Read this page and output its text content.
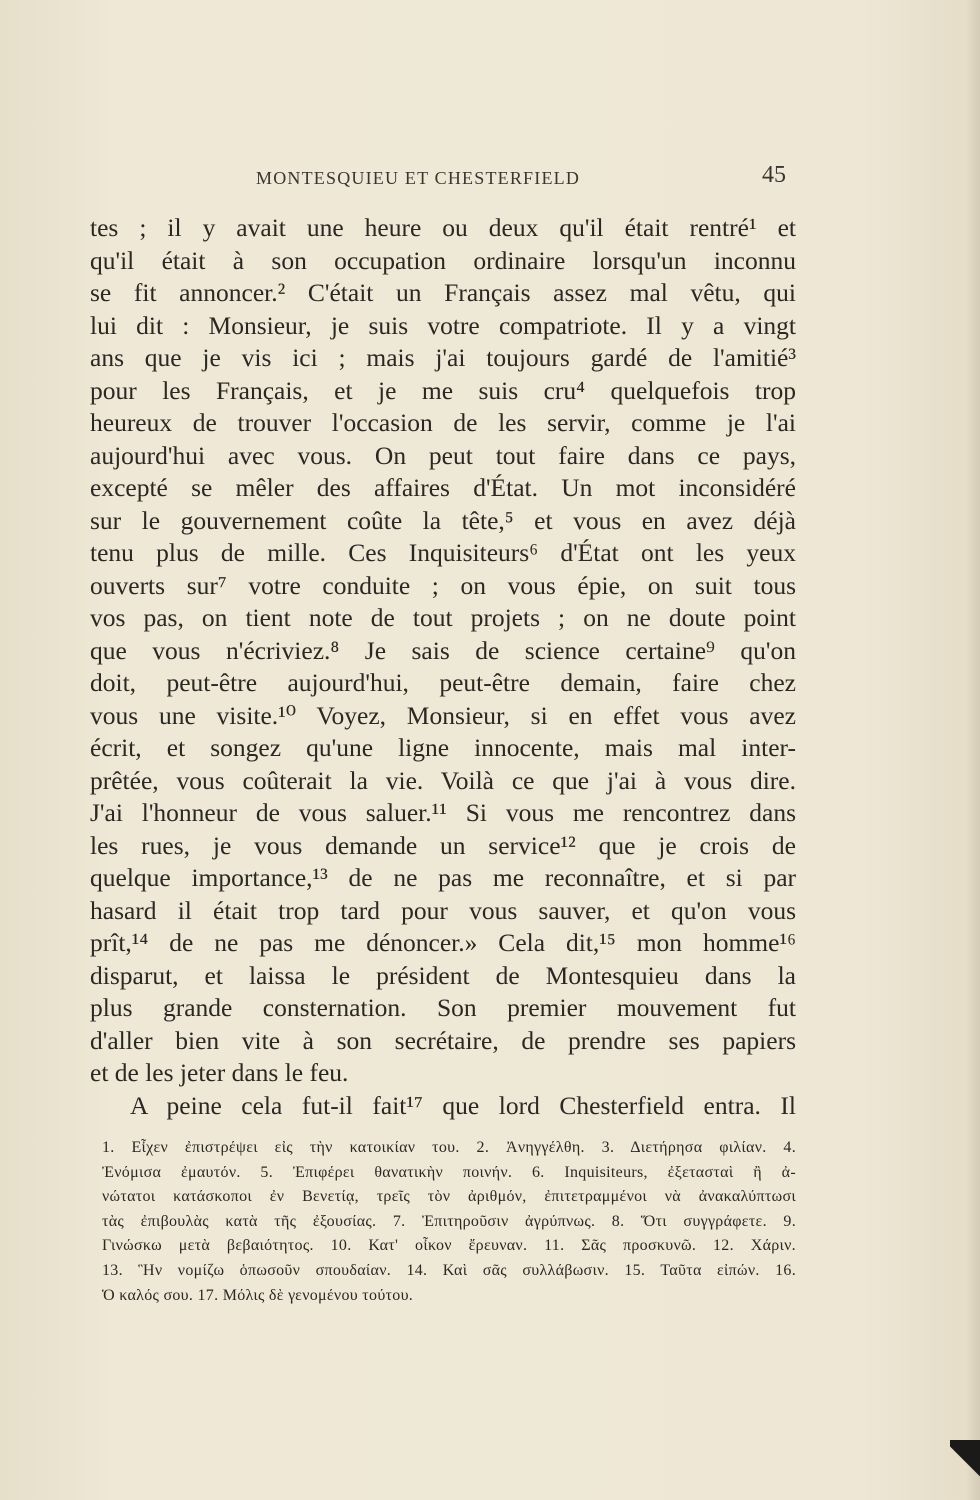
MONTESQUIEU ET CHESTERFIELD	45
tes ; il y avait une heure ou deux qu'il était rentré¹ et
qu'il était à son occupation ordinaire lorsqu'un inconnu
se fit annoncer.² C'était un Français assez mal vêtu, qui
lui dit : Monsieur, je suis votre compatriote. Il y a vingt
ans que je vis ici ; mais j'ai toujours gardé de l'amitié³
pour les Français, et je me suis cru⁴ quelquefois trop
heureux de trouver l'occasion de les servir, comme je l'ai
aujourd'hui avec vous. On peut tout faire dans ce pays,
excepté se mêler des affaires d'État. Un mot inconsidéré
sur le gouvernement coûte la tête,⁵ et vous en avez déjà
tenu plus de mille. Ces Inquisiteurs⁶ d'État ont les yeux
ouverts sur⁷ votre conduite ; on vous épie, on suit tous
vos pas, on tient note de tout projets ; on ne doute point
que vous n'écriviez.⁸ Je sais de science certaine⁹ qu'on
doit, peut-être aujourd'hui, peut-être demain, faire chez
vous une visite.¹⁰ Voyez, Monsieur, si en effet vous avez
écrit, et songez qu'une ligne innocente, mais mal inter-
prêtée, vous coûterait la vie. Voilà ce que j'ai à vous dire.
J'ai l'honneur de vous saluer.¹¹ Si vous me rencontrez dans
les rues, je vous demande un service¹² que je crois de
quelque importance,¹³ de ne pas me reconnaître, et si par
hasard il était trop tard pour vous sauver, et qu'on vous
prît,¹⁴ de ne pas me dénoncer.» Cela dit,¹⁵ mon homme¹⁶
disparut, et laissa le président de Montesquieu dans la
plus grande consternation. Son premier mouvement fut
d'aller bien vite à son secrétaire, de prendre ses papiers
et de les jeter dans le feu.
A peine cela fut-il fait¹⁷ que lord Chesterfield entra. Il
1. Εἶχεν ἐπιστρέψει εἰς τὴν κατοικίαν του. 2. Ἀνηγγέλθη. 3. Διετήρησα φιλίαν. 4.
Ἐνόμισα ἐμαυτόν. 5. Ἐπιφέρει θανατικὴν ποινήν. 6. Inquisiteurs, ἐξετασταὶ ἢ ἀ-
νώτατοι κατάσκοποι ἐν Βενετίᾳ, τρεῖς τὸν ἀριθμόν, ἐπιτετραμμένοι νὰ ἀνακαλύπτωσι
τὰς ἐπιβουλὰς κατὰ τῆς ἐξουσίας. 7. Ἐπιτηροῦσιν ἀγρύπνως. 8. Ὅτι συγγράφετε. 9.
Γινώσκω μετὰ βεβαιότητος. 10. Κατ' οἶκον ἔρευναν. 11. Σᾶς προσκυνῶ. 12. Χάριν.
13. Ἣν νομίζω ὁπωσοῦν σπουδαίαν. 14. Καὶ σᾶς συλλάβωσιν. 15. Ταῦτα εἰπών. 16.
Ὁ καλός σου. 17. Μόλις δὲ γενομένου τούτου.
